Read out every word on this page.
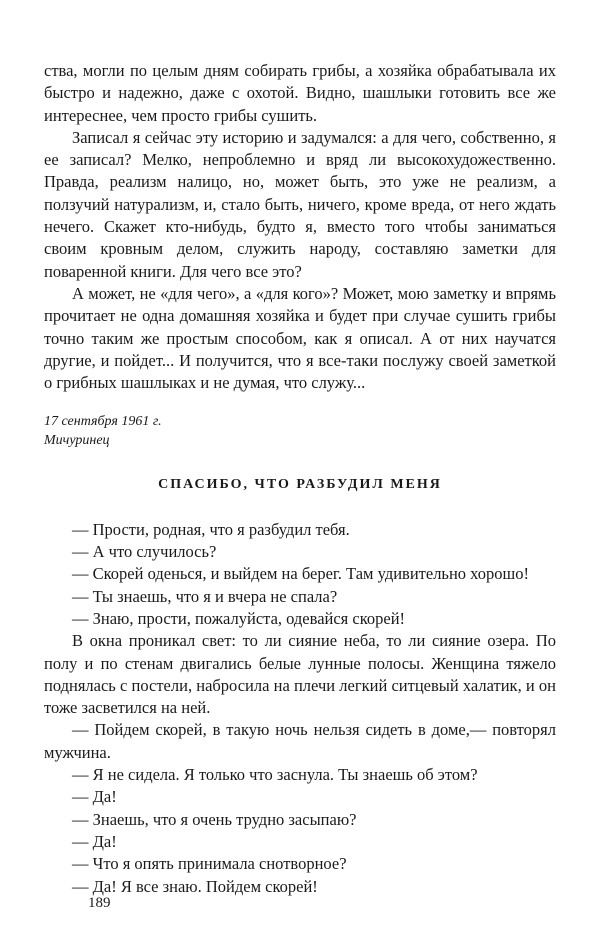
ства, могли по целым дням собирать грибы, а хозяйка обрабатывала их быстро и надежно, даже с охотой. Видно, шашлыки готовить все же интереснее, чем просто грибы сушить.

Записал я сейчас эту историю и задумался: а для чего, собственно, я ее записал? Мелко, непроблемно и вряд ли высокохудожественно. Правда, реализм налицо, но, может быть, это уже не реализм, а ползучий натурализм, и, стало быть, ничего, кроме вреда, от него ждать нечего. Скажет кто-нибудь, будто я, вместо того чтобы заниматься своим кровным делом, служить народу, составляю заметки для поваренной книги. Для чего все это?

А может, не «для чего», а «для кого»? Может, мою заметку и впрямь прочитает не одна домашняя хозяйка и будет при случае сушить грибы точно таким же простым способом, как я описал. А от них научатся другие, и пойдет... И получится, что я все-таки послужу своей заметкой о грибных шашлыках и не думая, что служу...

17 сентября 1961 г.
Мичуринец
СПАСИБО, ЧТО РАЗБУДИЛ МЕНЯ

— Прости, родная, что я разбудил тебя.

— А что случилось?

— Скорей оденься, и выйдем на берег. Там удивительно хорошо!

— Ты знаешь, что я и вчера не спала?

— Знаю, прости, пожалуйста, одевайся скорей!

В окна проникал свет: то ли сияние неба, то ли сияние озера. По полу и по стенам двигались белые лунные полосы. Женщина тяжело поднялась с постели, набросила на плечи легкий ситцевый халатик, и он тоже засветился на ней.

— Пойдем скорей, в такую ночь нельзя сидеть в доме,— повторял мужчина.

— Я не сидела. Я только что заснула. Ты знаешь об этом?

— Да!

— Знаешь, что я очень трудно засыпаю?

— Да!

— Что я опять принимала снотворное?

— Да! Я все знаю. Пойдем скорей!

189
